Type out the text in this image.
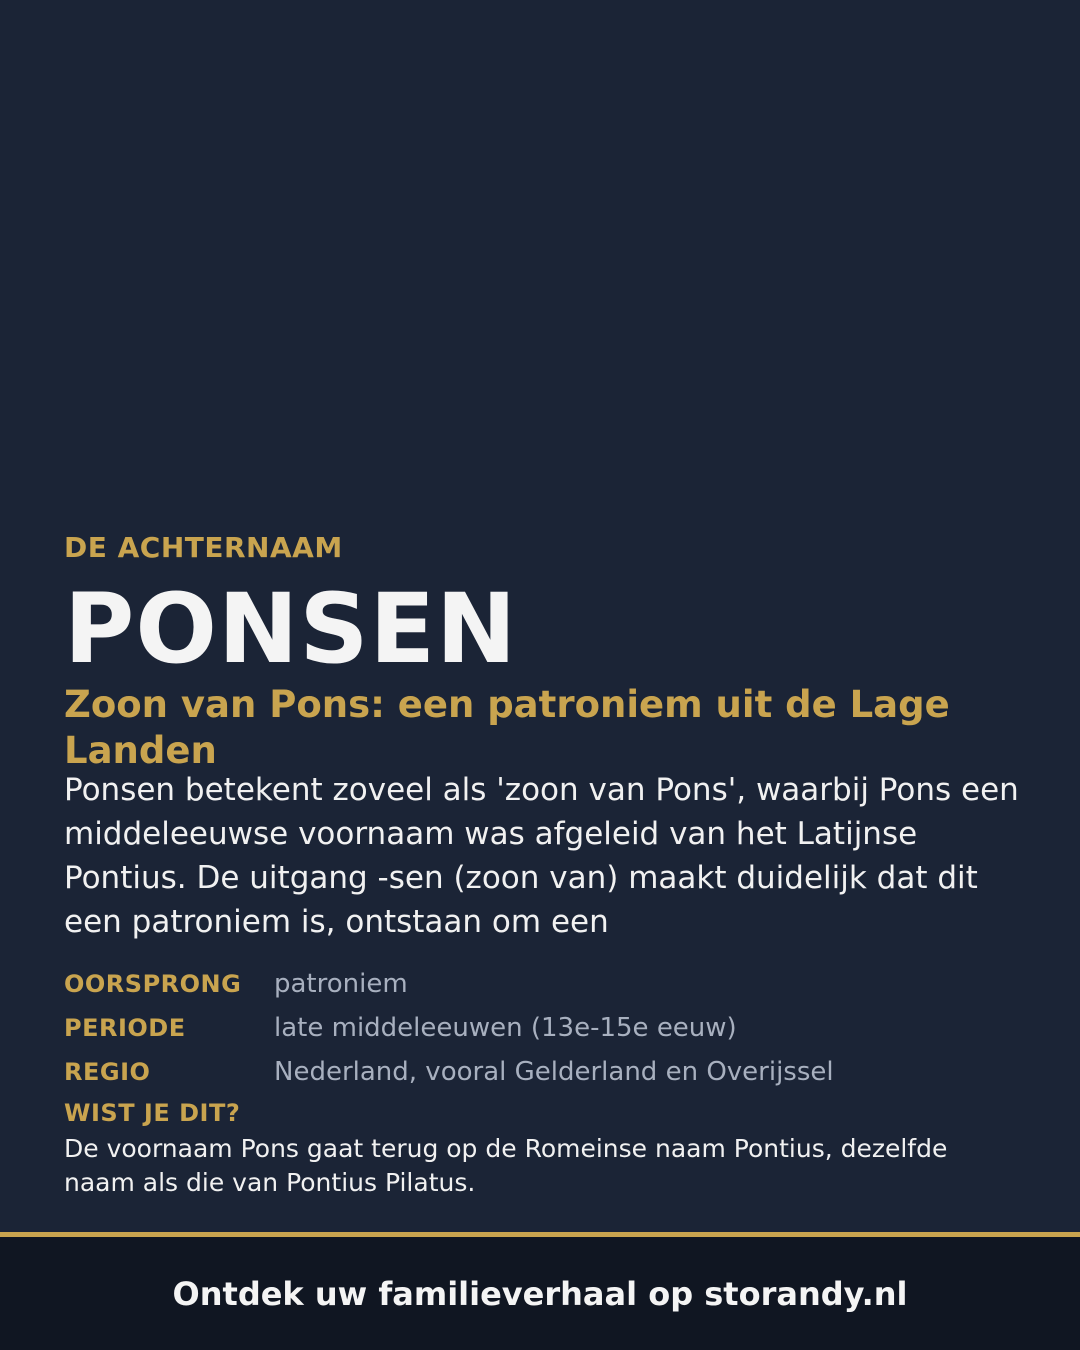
DE ACHTERNAAM
PONSEN
Zoon van Pons: een patroniem uit de Lage Landen
Ponsen betekent zoveel als 'zoon van Pons', waarbij Pons een middeleeuwse voornaam was afgeleid van het Latijnse Pontius. De uitgang -sen (zoon van) maakt duidelijk dat dit een patroniem is, ontstaan om een
OORSPRONG	patroniem
PERIODE	late middeleeuwen (13e-15e eeuw)
REGIO	Nederland, vooral Gelderland en Overijssel
WIST JE DIT?
De voornaam Pons gaat terug op de Romeinse naam Pontius, dezelfde naam als die van Pontius Pilatus.
Ontdek uw familieverhaal op storandy.nl
